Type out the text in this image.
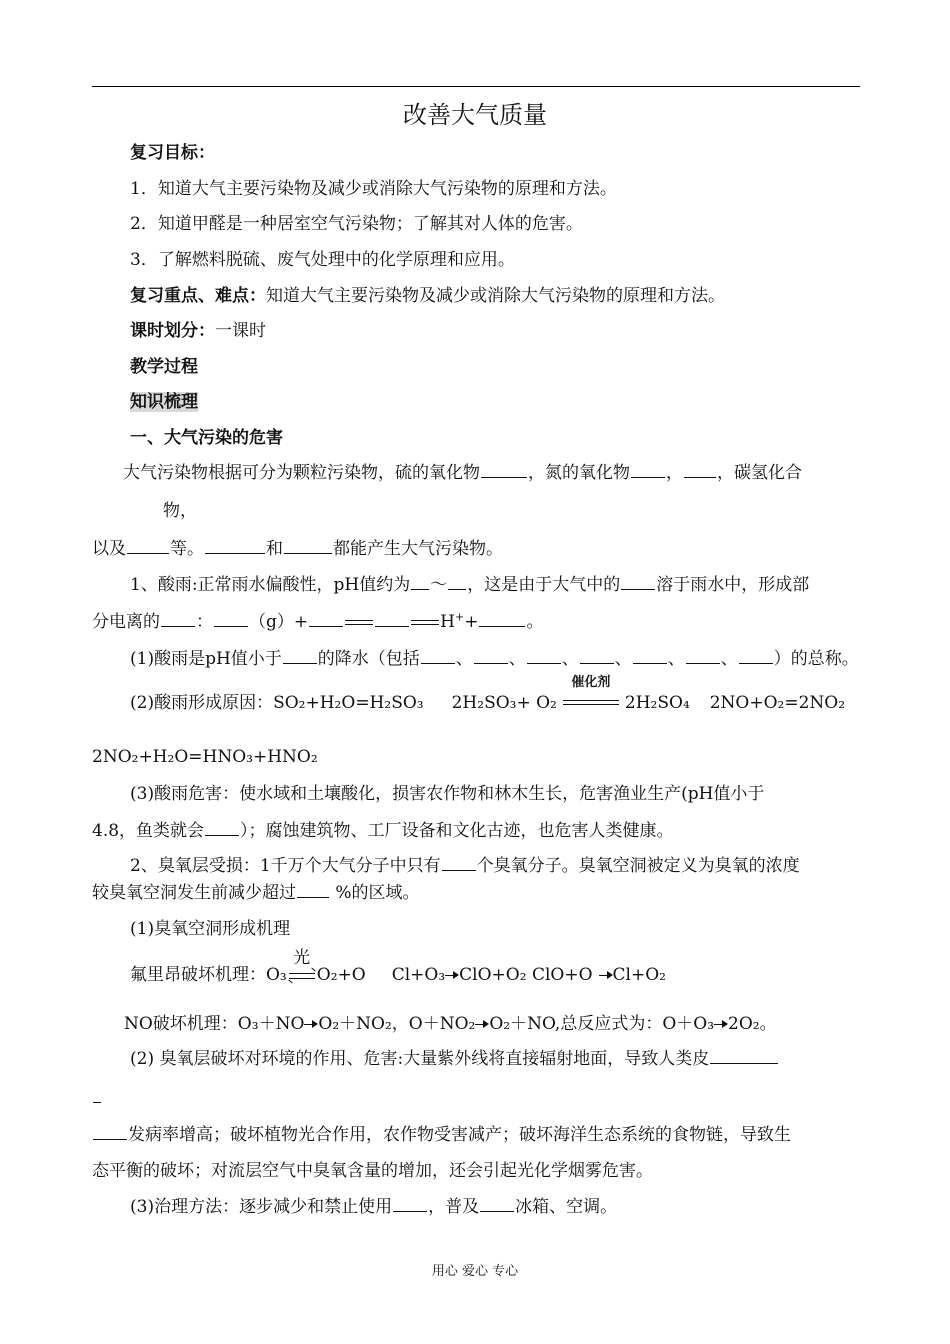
改善大气质量
复习目标：
1．知道大气主要污染物及减少或消除大气污染物的原理和方法。
2．知道甲醛是一种居室空气污染物；了解其对人体的危害。
3．了解燃料脱硫、废气处理中的化学原理和应用。
复习重点、难点：知道大气主要污染物及减少或消除大气污染物的原理和方法。
课时划分：一课时
教学过程
知识梳理
一、大气污染的危害
大气污染物根据可分为颗粒污染物，硫的氧化物	，氮的氧化物 ， ，碳氢化合
物，
以及	等。	和	都能产生大气污染物。
1、酸雨:正常雨水偏酸性，pH值约为 ～ ，这是由于大气中的 溶于雨水中，形成部
分电离的 ： （g）+	H++	。
(1)酸雨是pH值小于 的降水（包括 、 、 、 、 、 、 ）的总称。
(2)酸雨形成原因：SO₂+H₂O=H₂SO₃ 2H₂SO₃+ O₂
催化剂
2H₂SO₄ 2NO+O₂=2NO₂
2NO₂+H₂O=HNO₃+HNO₂
(3)酸雨危害：使水域和土壤酸化，损害农作物和林木生长，危害渔业生产(pH值小于
4.8，鱼类就会 ）；腐蚀建筑物、工厂设备和文化古迹，也危害人类健康。
2、臭氧层受损：1千万个大气分子中只有 个臭氧分子。臭氧空洞被定义为臭氧的浓度
较臭氧空洞发生前减少超过 %的区域。
(1)臭氧空洞形成机理
氟里昂破坏机理：O₃
光
O₂+O Cl+O₃ ClO+O₂ ClO+O Cl+O₂
NO破坏机理：O₃＋NO O₂＋NO₂，O＋NO₂ O₂＋NO,总反应式为：O＋O₃ 2O₂。
(2) 臭氧层破坏对环境的作用、危害:大量紫外线将直接辐射地面，导致人类皮
发病率增高；破坏植物光合作用，农作物受害减产；破坏海洋生态系统的食物链，导致生
态平衡的破坏；对流层空气中臭氧含量的增加，还会引起光化学烟雾危害。
(3)治理方法：逐步减少和禁止使用 ，普及 冰箱、空调。
用心 爱心 专心
